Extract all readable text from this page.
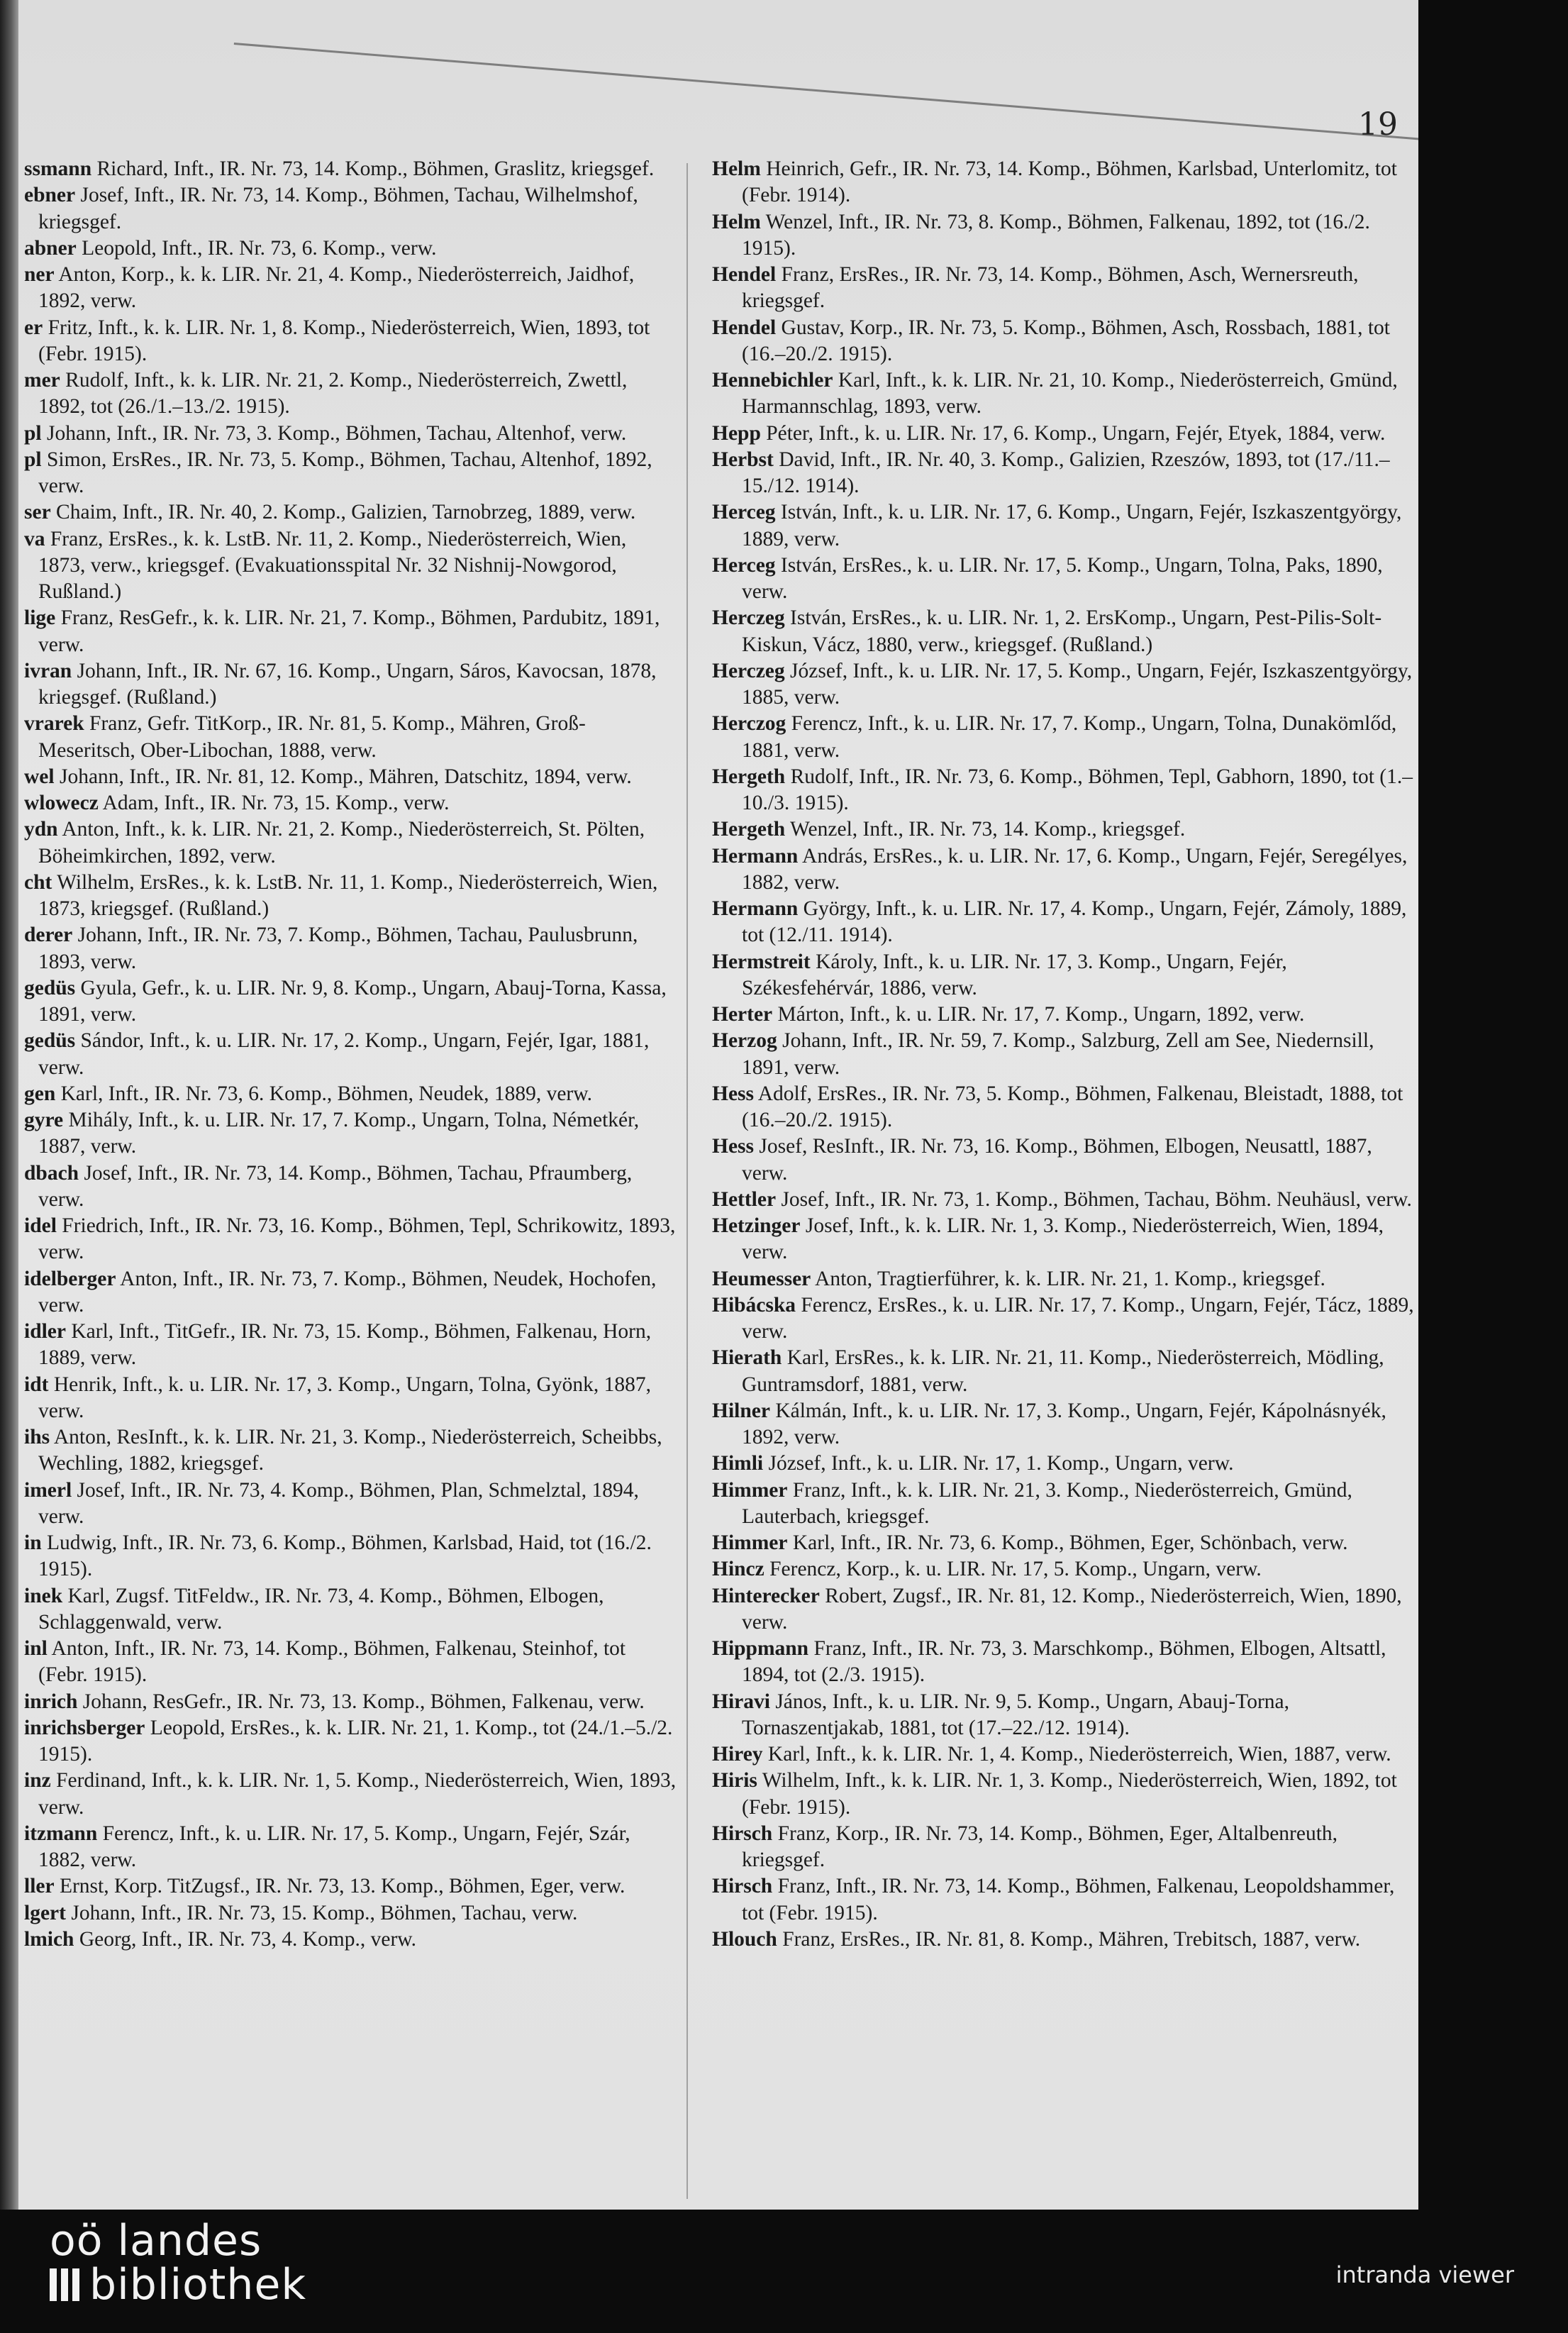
19

ssmann Richard, Inft., IR. Nr. 73, 14. Komp., Böhmen, Graslitz, kriegsgef.

ebner Josef, Inft., IR. Nr. 73, 14. Komp., Böhmen, Tachau, Wilhelmshof, kriegsgef.

abner Leopold, Inft., IR. Nr. 73, 6. Komp., verw.

ner Anton, Korp., k. k. LIR. Nr. 21, 4. Komp., Niederösterreich, Jaidhof, 1892, verw.

er Fritz, Inft., k. k. LIR. Nr. 1, 8. Komp., Niederösterreich, Wien, 1893, tot (Febr. 1915).

mer Rudolf, Inft., k. k. LIR. Nr. 21, 2. Komp., Niederösterreich, Zwettl, 1892, tot (26./1.–13./2. 1915).

pl Johann, Inft., IR. Nr. 73, 3. Komp., Böhmen, Tachau, Altenhof, verw.

pl Simon, ErsRes., IR. Nr. 73, 5. Komp., Böhmen, Tachau, Altenhof, 1892, verw.

ser Chaim, Inft., IR. Nr. 40, 2. Komp., Galizien, Tarnobrzeg, 1889, verw.

va Franz, ErsRes., k. k. LstB. Nr. 11, 2. Komp., Niederösterreich, Wien, 1873, verw., kriegsgef. (Evakuationsspital Nr. 32 Nishnij-Nowgorod, Rußland.)

lige Franz, ResGefr., k. k. LIR. Nr. 21, 7. Komp., Böhmen, Pardubitz, 1891, verw.

ivran Johann, Inft., IR. Nr. 67, 16. Komp., Ungarn, Sáros, Kavocsan, 1878, kriegsgef. (Rußland.)

vrarek Franz, Gefr. TitKorp., IR. Nr. 81, 5. Komp., Mähren, Groß-Meseritsch, Ober-Libochan, 1888, verw.

wel Johann, Inft., IR. Nr. 81, 12. Komp., Mähren, Datschitz, 1894, verw.

wlowecz Adam, Inft., IR. Nr. 73, 15. Komp., verw.

ydn Anton, Inft., k. k. LIR. Nr. 21, 2. Komp., Niederösterreich, St. Pölten, Böheimkirchen, 1892, verw.

cht Wilhelm, ErsRes., k. k. LstB. Nr. 11, 1. Komp., Niederösterreich, Wien, 1873, kriegsgef. (Rußland.)

derer Johann, Inft., IR. Nr. 73, 7. Komp., Böhmen, Tachau, Paulusbrunn, 1893, verw.

gedüs Gyula, Gefr., k. u. LIR. Nr. 9, 8. Komp., Ungarn, Abauj-Torna, Kassa, 1891, verw.

gedüs Sándor, Inft., k. u. LIR. Nr. 17, 2. Komp., Ungarn, Fejér, Igar, 1881, verw.

gen Karl, Inft., IR. Nr. 73, 6. Komp., Böhmen, Neudek, 1889, verw.

gyre Mihály, Inft., k. u. LIR. Nr. 17, 7. Komp., Ungarn, Tolna, Németkér, 1887, verw.

dbach Josef, Inft., IR. Nr. 73, 14. Komp., Böhmen, Tachau, Pfraumberg, verw.

idel Friedrich, Inft., IR. Nr. 73, 16. Komp., Böhmen, Tepl, Schrikowitz, 1893, verw.

idelberger Anton, Inft., IR. Nr. 73, 7. Komp., Böhmen, Neudek, Hochofen, verw.

idler Karl, Inft., TitGefr., IR. Nr. 73, 15. Komp., Böhmen, Falkenau, Horn, 1889, verw.

idt Henrik, Inft., k. u. LIR. Nr. 17, 3. Komp., Ungarn, Tolna, Gyönk, 1887, verw.

ihs Anton, ResInft., k. k. LIR. Nr. 21, 3. Komp., Niederösterreich, Scheibbs, Wechling, 1882, kriegsgef.

imerl Josef, Inft., IR. Nr. 73, 4. Komp., Böhmen, Plan, Schmelztal, 1894, verw.

in Ludwig, Inft., IR. Nr. 73, 6. Komp., Böhmen, Karlsbad, Haid, tot (16./2. 1915).

inek Karl, Zugsf. TitFeldw., IR. Nr. 73, 4. Komp., Böhmen, Elbogen, Schlaggenwald, verw.

inl Anton, Inft., IR. Nr. 73, 14. Komp., Böhmen, Falkenau, Steinhof, tot (Febr. 1915).

inrich Johann, ResGefr., IR. Nr. 73, 13. Komp., Böhmen, Falkenau, verw.

inrichsberger Leopold, ErsRes., k. k. LIR. Nr. 21, 1. Komp., tot (24./1.–5./2. 1915).

inz Ferdinand, Inft., k. k. LIR. Nr. 1, 5. Komp., Niederösterreich, Wien, 1893, verw.

itzmann Ferencz, Inft., k. u. LIR. Nr. 17, 5. Komp., Ungarn, Fejér, Szár, 1882, verw.

ller Ernst, Korp. TitZugsf., IR. Nr. 73, 13. Komp., Böhmen, Eger, verw.

lgert Johann, Inft., IR. Nr. 73, 15. Komp., Böhmen, Tachau, verw.

lmich Georg, Inft., IR. Nr. 73, 4. Komp., verw.

Helm Heinrich, Gefr., IR. Nr. 73, 14. Komp., Böhmen, Karlsbad, Unterlomitz, tot (Febr. 1914).

Helm Wenzel, Inft., IR. Nr. 73, 8. Komp., Böhmen, Falkenau, 1892, tot (16./2. 1915).

Hendel Franz, ErsRes., IR. Nr. 73, 14. Komp., Böhmen, Asch, Wernersreuth, kriegsgef.

Hendel Gustav, Korp., IR. Nr. 73, 5. Komp., Böhmen, Asch, Rossbach, 1881, tot (16.–20./2. 1915).

Hennebichler Karl, Inft., k. k. LIR. Nr. 21, 10. Komp., Niederösterreich, Gmünd, Harmannschlag, 1893, verw.

Hepp Péter, Inft., k. u. LIR. Nr. 17, 6. Komp., Ungarn, Fejér, Etyek, 1884, verw.

Herbst David, Inft., IR. Nr. 40, 3. Komp., Galizien, Rzeszów, 1893, tot (17./11.–15./12. 1914).

Herceg István, Inft., k. u. LIR. Nr. 17, 6. Komp., Ungarn, Fejér, Iszkaszentgyörgy, 1889, verw.

Herceg István, ErsRes., k. u. LIR. Nr. 17, 5. Komp., Ungarn, Tolna, Paks, 1890, verw.

Herczeg István, ErsRes., k. u. LIR. Nr. 1, 2. ErsKomp., Ungarn, Pest-Pilis-Solt-Kiskun, Vácz, 1880, verw., kriegsgef. (Rußland.)

Herczeg József, Inft., k. u. LIR. Nr. 17, 5. Komp., Ungarn, Fejér, Iszkaszentgyörgy, 1885, verw.

Herczog Ferencz, Inft., k. u. LIR. Nr. 17, 7. Komp., Ungarn, Tolna, Dunakömlőd, 1881, verw.

Hergeth Rudolf, Inft., IR. Nr. 73, 6. Komp., Böhmen, Tepl, Gabhorn, 1890, tot (1.–10./3. 1915).

Hergeth Wenzel, Inft., IR. Nr. 73, 14. Komp., kriegsgef.

Hermann András, ErsRes., k. u. LIR. Nr. 17, 6. Komp., Ungarn, Fejér, Seregélyes, 1882, verw.

Hermann György, Inft., k. u. LIR. Nr. 17, 4. Komp., Ungarn, Fejér, Zámoly, 1889, tot (12./11. 1914).

Hermstreit Károly, Inft., k. u. LIR. Nr. 17, 3. Komp., Ungarn, Fejér, Székesfehérvár, 1886, verw.

Herter Márton, Inft., k. u. LIR. Nr. 17, 7. Komp., Ungarn, 1892, verw.

Herzog Johann, Inft., IR. Nr. 59, 7. Komp., Salzburg, Zell am See, Niedernsill, 1891, verw.

Hess Adolf, ErsRes., IR. Nr. 73, 5. Komp., Böhmen, Falkenau, Bleistadt, 1888, tot (16.–20./2. 1915).

Hess Josef, ResInft., IR. Nr. 73, 16. Komp., Böhmen, Elbogen, Neusattl, 1887, verw.

Hettler Josef, Inft., IR. Nr. 73, 1. Komp., Böhmen, Tachau, Böhm. Neuhäusl, verw.

Hetzinger Josef, Inft., k. k. LIR. Nr. 1, 3. Komp., Niederösterreich, Wien, 1894, verw.

Heumesser Anton, Tragtierführer, k. k. LIR. Nr. 21, 1. Komp., kriegsgef.

Hibácska Ferencz, ErsRes., k. u. LIR. Nr. 17, 7. Komp., Ungarn, Fejér, Tácz, 1889, verw.

Hierath Karl, ErsRes., k. k. LIR. Nr. 21, 11. Komp., Niederösterreich, Mödling, Guntramsdorf, 1881, verw.

Hilner Kálmán, Inft., k. u. LIR. Nr. 17, 3. Komp., Ungarn, Fejér, Kápolnásnyék, 1892, verw.

Himli József, Inft., k. u. LIR. Nr. 17, 1. Komp., Ungarn, verw.

Himmer Franz, Inft., k. k. LIR. Nr. 21, 3. Komp., Niederösterreich, Gmünd, Lauterbach, kriegsgef.

Himmer Karl, Inft., IR. Nr. 73, 6. Komp., Böhmen, Eger, Schönbach, verw.

Hincz Ferencz, Korp., k. u. LIR. Nr. 17, 5. Komp., Ungarn, verw.

Hinterecker Robert, Zugsf., IR. Nr. 81, 12. Komp., Niederösterreich, Wien, 1890, verw.

Hippmann Franz, Inft., IR. Nr. 73, 3. Marschkomp., Böhmen, Elbogen, Altsattl, 1894, tot (2./3. 1915).

Hiravi János, Inft., k. u. LIR. Nr. 9, 5. Komp., Ungarn, Abauj-Torna, Tornaszentjakab, 1881, tot (17.–22./12. 1914).

Hirey Karl, Inft., k. k. LIR. Nr. 1, 4. Komp., Niederösterreich, Wien, 1887, verw.

Hiris Wilhelm, Inft., k. k. LIR. Nr. 1, 3. Komp., Niederösterreich, Wien, 1892, tot (Febr. 1915).

Hirsch Franz, Korp., IR. Nr. 73, 14. Komp., Böhmen, Eger, Altalbenreuth, kriegsgef.

Hirsch Franz, Inft., IR. Nr. 73, 14. Komp., Böhmen, Falkenau, Leopoldshammer, tot (Febr. 1915).

Hlouch Franz, ErsRes., IR. Nr. 81, 8. Komp., Mähren, Trebitsch, 1887, verw.

oö landes
bibliothek	intranda viewer
